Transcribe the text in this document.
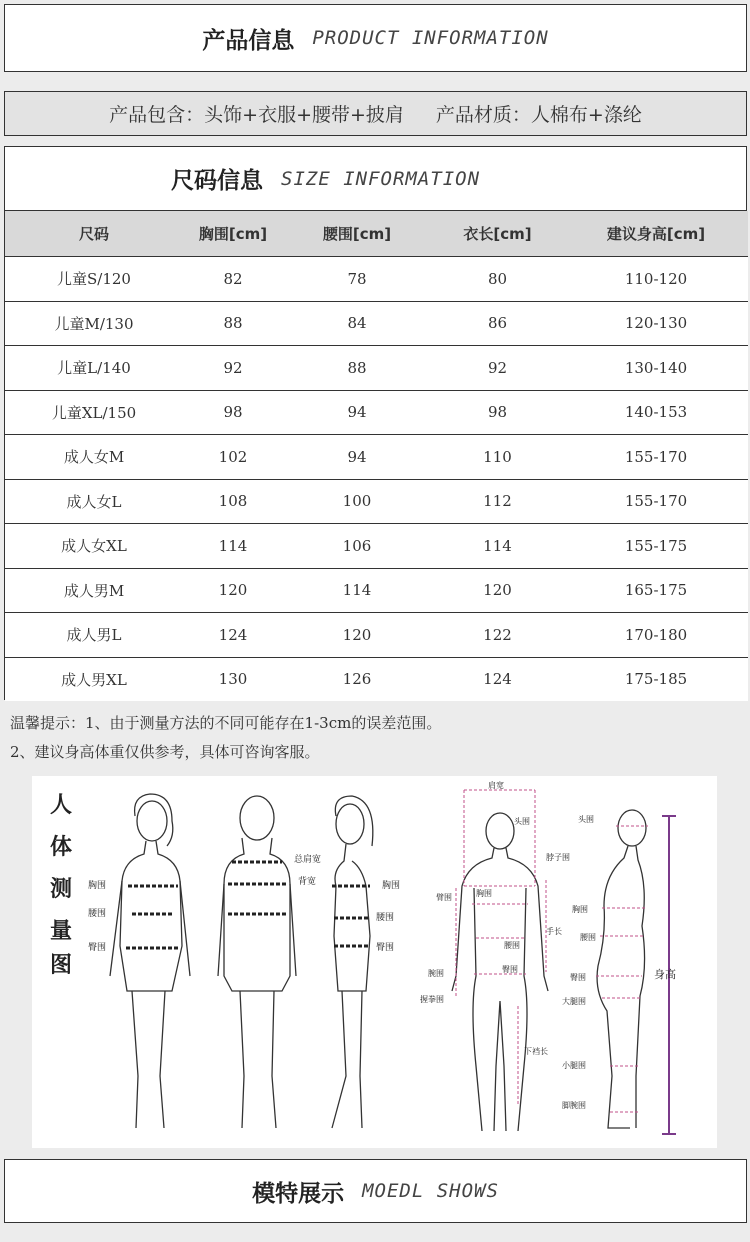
产品信息 PRODUCT INFORMATION
产品包含：头饰+衣服+腰带+披肩 产品材质：人棉布+涤纶
尺码信息 SIZE INFORMATION
尺码	胸围[cm]	腰围[cm]	衣长[cm]	建议身高[cm]
儿童S/120	82	78	80	110-120
儿童M/130	88	84	86	120-130
儿童L/140	92	88	92	130-140
儿童XL/150	98	94	98	140-153
成人女M	102	94	110	155-170
成人女L	108	100	112	155-170
成人女XL	114	106	114	155-175
成人男M	120	114	120	165-175
成人男L	124	120	122	170-180
成人男XL	130	126	124	175-185
温馨提示：1、由于测量方法的不同可能存在1-3cm的误差范围。
2、建议身高体重仅供参考，具体可咨询客服。
人
体
测
量
图
胸围
腰围
臀围
总肩宽
背宽	胸围
腰围
臀围
肩宽
头围
脖子围
臂围	胸围
腰围
臀围
手长
腕围
握拳围
下裆长
头围
胸围
腰围
臀围
大腿围
小腿围
脚腕围
身高
模特展示 MOEDL SHOWS
